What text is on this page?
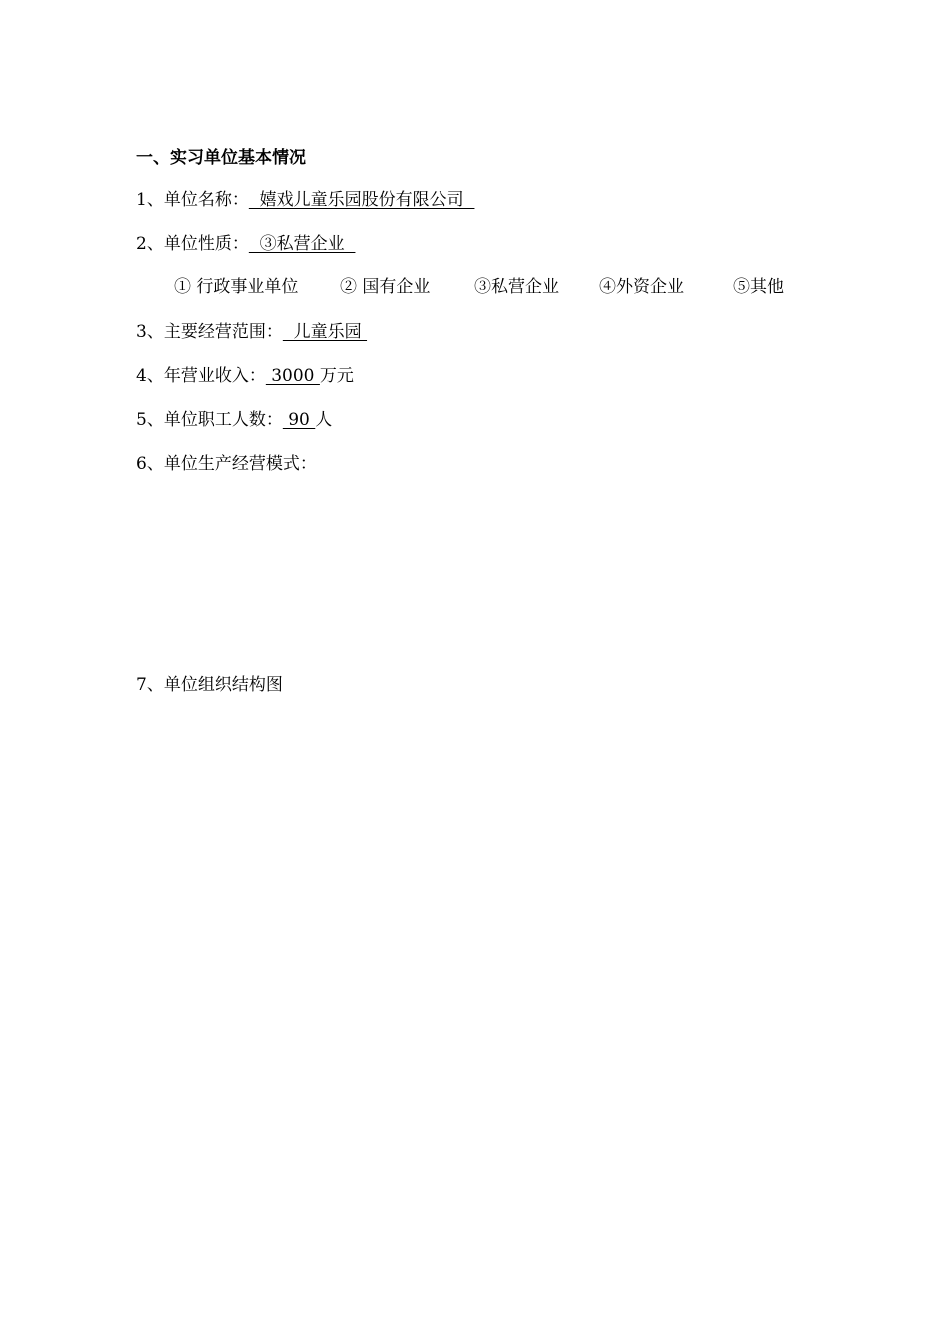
一、实习单位基本情况
1、单位名称：  嬉戏儿童乐园股份有限公司
2、单位性质：  ③私营企业
① 行政事业单位 ② 国有企业	③私营企业 ④外资企业	⑤其他
3、主要经营范围：  儿童乐园
4、年营业收入： 3000 万元
5、单位职工人数： 90 人
6、单位生产经营模式：
7、单位组织结构图
